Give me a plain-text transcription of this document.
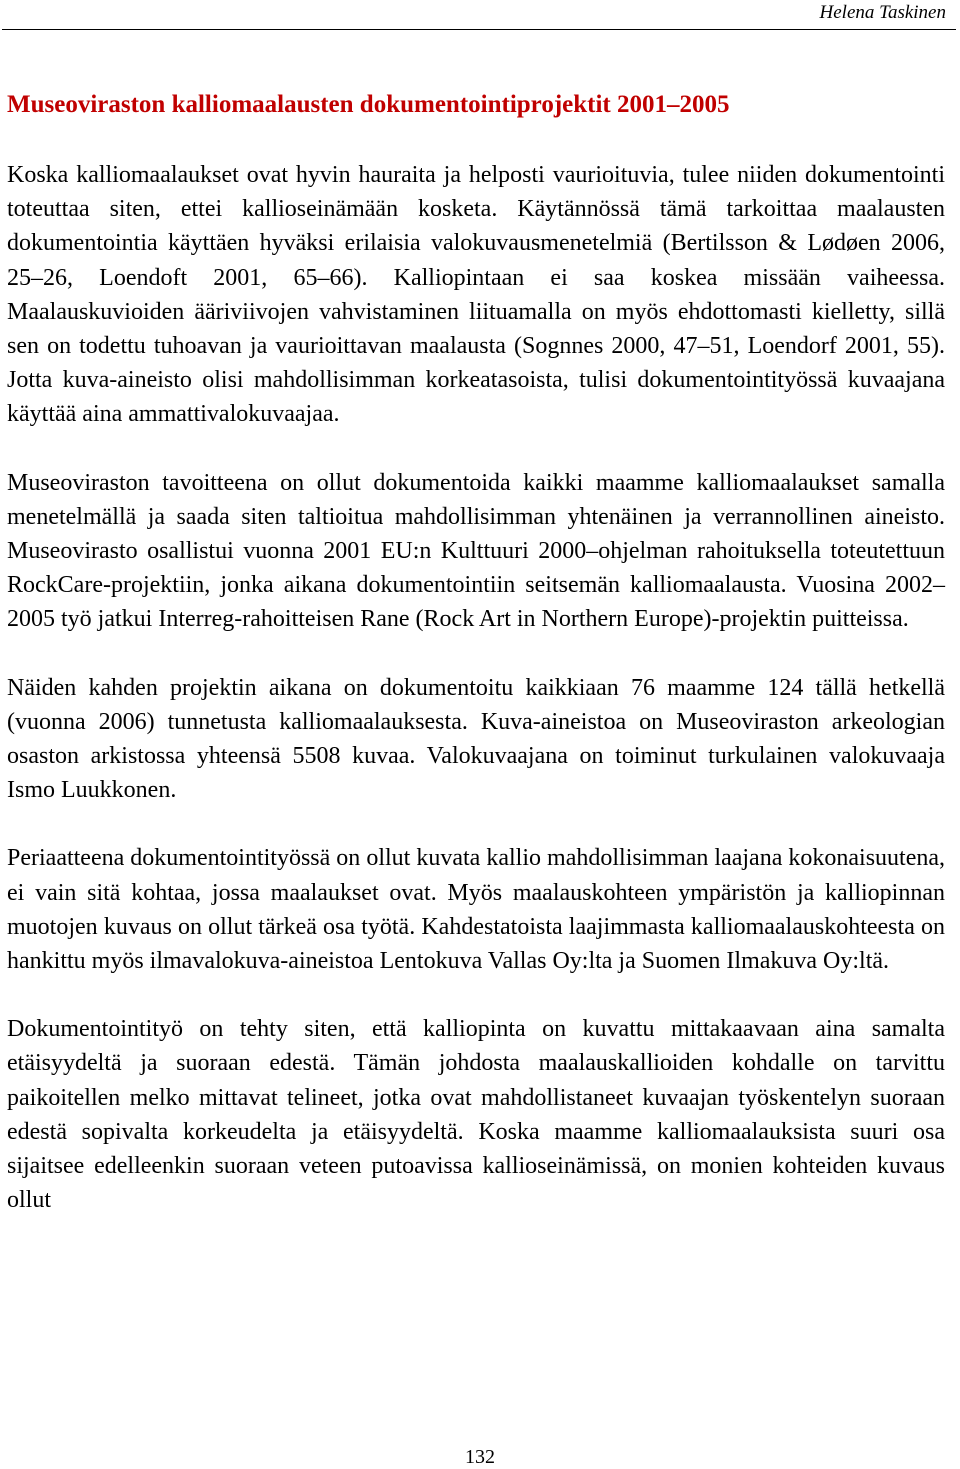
Helena Taskinen
Museoviraston kalliomaalausten dokumentointiprojektit 2001–2005

Koska kalliomaalaukset ovat hyvin hauraita ja helposti vaurioituvia, tulee niiden dokumentointi toteuttaa siten, ettei kallioseinämään kosketa. Käytännössä tämä tarkoittaa maalausten dokumentointia käyttäen hyväksi erilaisia valokuvausmenetelmiä (Bertilsson & Lødøen 2006, 25–26, Loendoft 2001, 65–66). Kalliopintaan ei saa koskea missään vaiheessa. Maalauskuvioiden ääriviivojen vahvistaminen liituamalla on myös ehdottomasti kielletty, sillä sen on todettu tuhoavan ja vaurioittavan maalausta (Sognnes 2000, 47–51, Loendorf 2001, 55). Jotta kuva-aineisto olisi mahdollisimman korkeatasoista, tulisi dokumentointityössä kuvaajana käyttää aina ammattivalokuvaajaa.

Museoviraston tavoitteena on ollut dokumentoida kaikki maamme kalliomaalaukset samalla menetelmällä ja saada siten taltioitua mahdollisimman yhtenäinen ja verrannollinen aineisto. Museovirasto osallistui vuonna 2001 EU:n Kulttuuri 2000–ohjelman rahoituksella toteutettuun RockCare-projektiin, jonka aikana dokumentointiin seitsemän kalliomaalausta. Vuosina 2002–2005 työ jatkui Interreg-rahoitteisen Rane (Rock Art in Northern Europe)-projektin puitteissa.

Näiden kahden projektin aikana on dokumentoitu kaikkiaan 76 maamme 124 tällä hetkellä (vuonna 2006) tunnetusta kalliomaalauksesta. Kuva-aineistoa on Museoviraston arkeologian osaston arkistossa yhteensä 5508 kuvaa. Valokuvaajana on toiminut turkulainen valokuvaaja Ismo Luukkonen.

Periaatteena dokumentointityössä on ollut kuvata kallio mahdollisimman laajana kokonaisuutena, ei vain sitä kohtaa, jossa maalaukset ovat. Myös maalauskohteen ympäristön ja kalliopinnan muotojen kuvaus on ollut tärkeä osa työtä. Kahdestatoista laajimmasta kalliomaalauskohteesta on hankittu myös ilmavalokuva-aineistoa Lentokuva Vallas Oy:lta ja Suomen Ilmakuva Oy:ltä.

Dokumentointityö on tehty siten, että kalliopinta on kuvattu mittakaavaan aina samalta etäisyydeltä ja suoraan edestä. Tämän johdosta maalauskallioiden kohdalle on tarvittu paikoitellen melko mittavat telineet, jotka ovat mahdollistaneet kuvaajan työskentelyn suoraan edestä sopivalta korkeudelta ja etäisyydeltä. Koska maamme kalliomaalauksista suuri osa sijaitsee edelleenkin suoraan veteen putoavissa kallioseinämissä, on monien kohteiden kuvaus ollut

132
